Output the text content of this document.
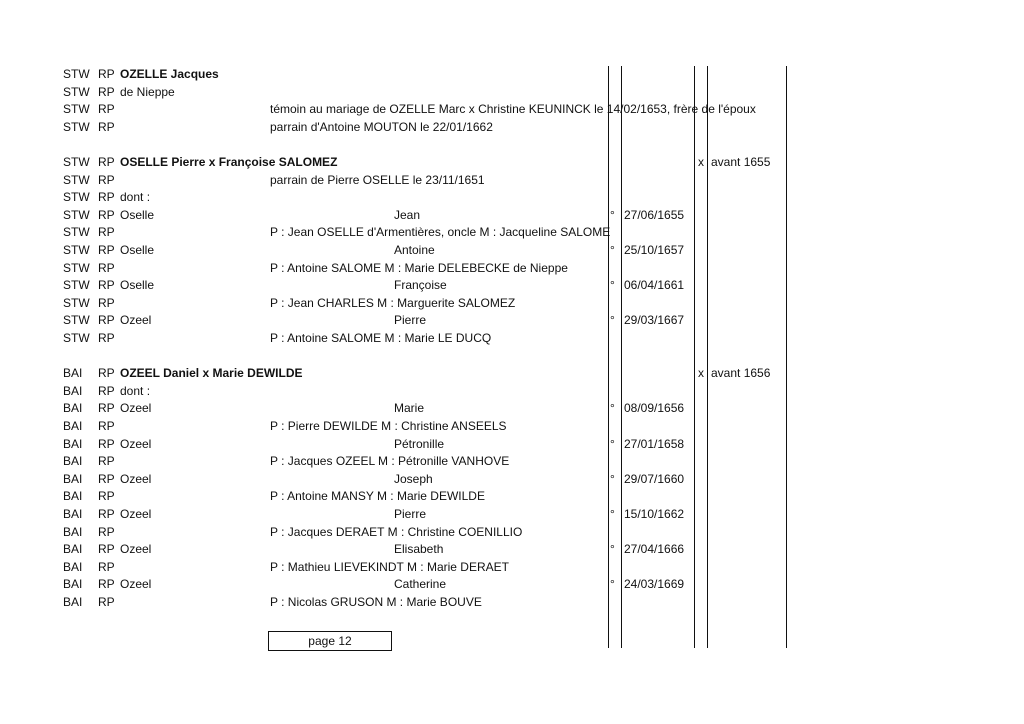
STW RP OZELLE Jacques
STW RP de Nieppe
STW RP	témoin au mariage de OZELLE Marc x Christine KEUNINCK le 14/02/1653, frère de l'époux
STW RP	parrain d'Antoine MOUTON le 22/01/1662
STW RP OSELLE Pierre x Françoise SALOMEZ	x avant 1655
STW RP	parrain de Pierre OSELLE le 23/11/1651
STW RP dont :
STW RP Oselle	Jean	° 27/06/1655
STW RP	P : Jean OSELLE d'Armentières, oncle M : Jacqueline SALOME
STW RP Oselle	Antoine	° 25/10/1657
STW RP	P : Antoine SALOME M : Marie DELEBECKE de Nieppe
STW RP Oselle	Françoise	° 06/04/1661
STW RP	P : Jean CHARLES M : Marguerite SALOMEZ
STW RP Ozeel	Pierre	° 29/03/1667
STW RP	P : Antoine SALOME M : Marie LE DUCQ
BAI RP OZEEL Daniel x Marie DEWILDE	x avant 1656
BAI RP dont :
BAI RP Ozeel	Marie	° 08/09/1656
BAI RP	P : Pierre DEWILDE M : Christine ANSEELS
BAI RP Ozeel	Pétronille	° 27/01/1658
BAI RP	P : Jacques OZEEL M : Pétronille VANHOVE
BAI RP Ozeel	Joseph	° 29/07/1660
BAI RP	P : Antoine MANSY M : Marie DEWILDE
BAI RP Ozeel	Pierre	° 15/10/1662
BAI RP	P : Jacques DERAET M : Christine COENILLIO
BAI RP Ozeel	Elisabeth	° 27/04/1666
BAI RP	P : Mathieu LIEVEKINDT M : Marie DERAET
BAI RP Ozeel	Catherine	° 24/03/1669
BAI RP	P : Nicolas GRUSON M : Marie BOUVE
page 12
